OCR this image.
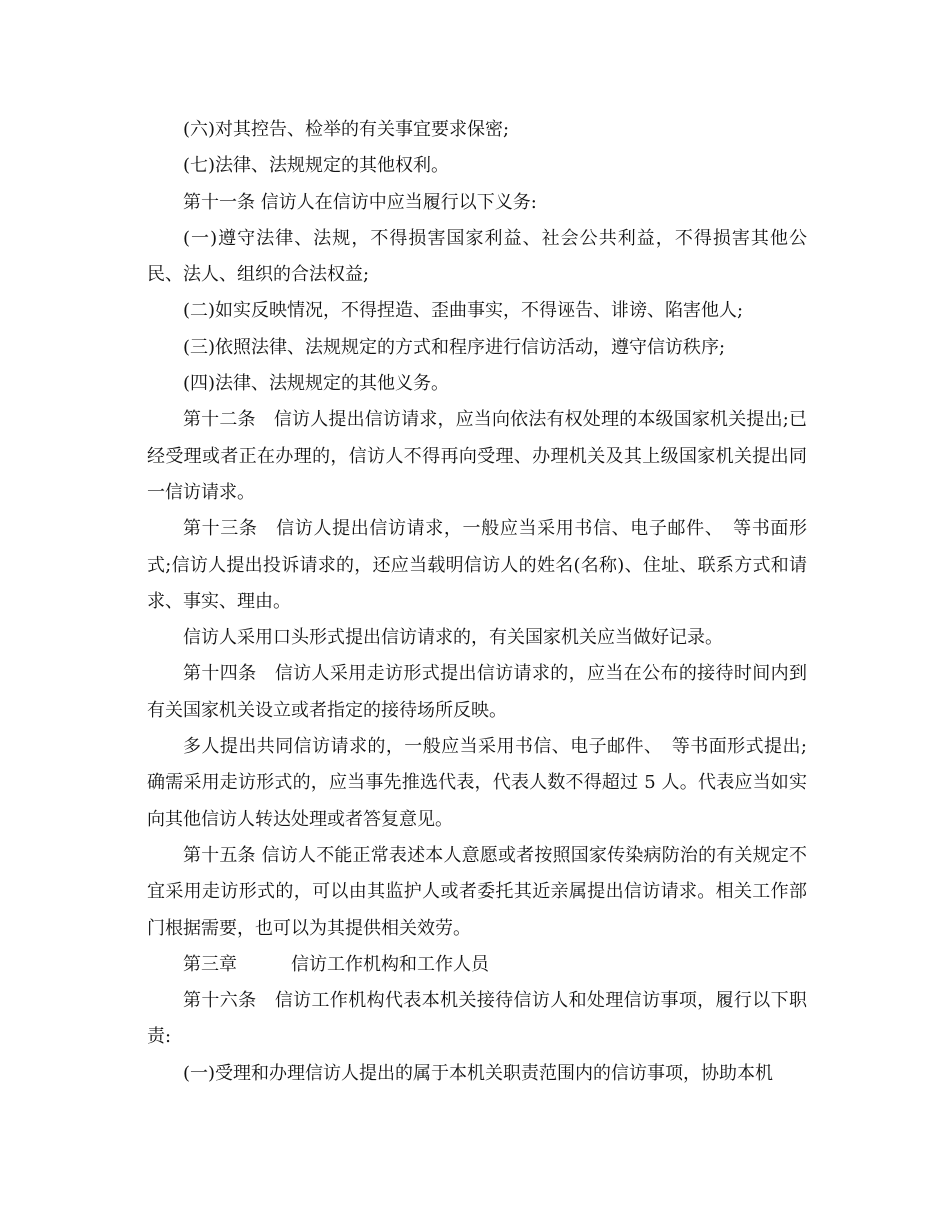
(六)对其控告、检举的有关事宜要求保密;

(七)法律、法规规定的其他权利。

第十一条 信访人在信访中应当履行以下义务:

(一)遵守法律、法规，不得损害国家利益、社会公共利益，不得损害其他公民、法人、组织的合法权益;

(二)如实反映情况，不得捏造、歪曲事实，不得诬告、诽谤、陷害他人;

(三)依照法律、法规规定的方式和程序进行信访活动，遵守信访秩序;

(四)法律、法规规定的其他义务。

第十二条　信访人提出信访请求，应当向依法有权处理的本级国家机关提出;已经受理或者正在办理的，信访人不得再向受理、办理机关及其上级国家机关提出同一信访请求。

第十三条　信访人提出信访请求，一般应当采用书信、电子邮件、　等书面形式;信访人提出投诉请求的，还应当载明信访人的姓名(名称)、住址、联系方式和请求、事实、理由。

信访人采用口头形式提出信访请求的，有关国家机关应当做好记录。

第十四条　信访人采用走访形式提出信访请求的，应当在公布的接待时间内到有关国家机关设立或者指定的接待场所反映。

多人提出共同信访请求的，一般应当采用书信、电子邮件、　等书面形式提出;确需采用走访形式的，应当事先推选代表，代表人数不得超过 5 人。代表应当如实向其他信访人转达处理或者答复意见。

第十五条 信访人不能正常表述本人意愿或者按照国家传染病防治的有关规定不宜采用走访形式的，可以由其监护人或者委托其近亲属提出信访请求。相关工作部门根据需要，也可以为其提供相关效劳。

第三章　　　信访工作机构和工作人员

第十六条　信访工作机构代表本机关接待信访人和处理信访事项，履行以下职责:

(一)受理和办理信访人提出的属于本机关职责范围内的信访事项，协助本机
